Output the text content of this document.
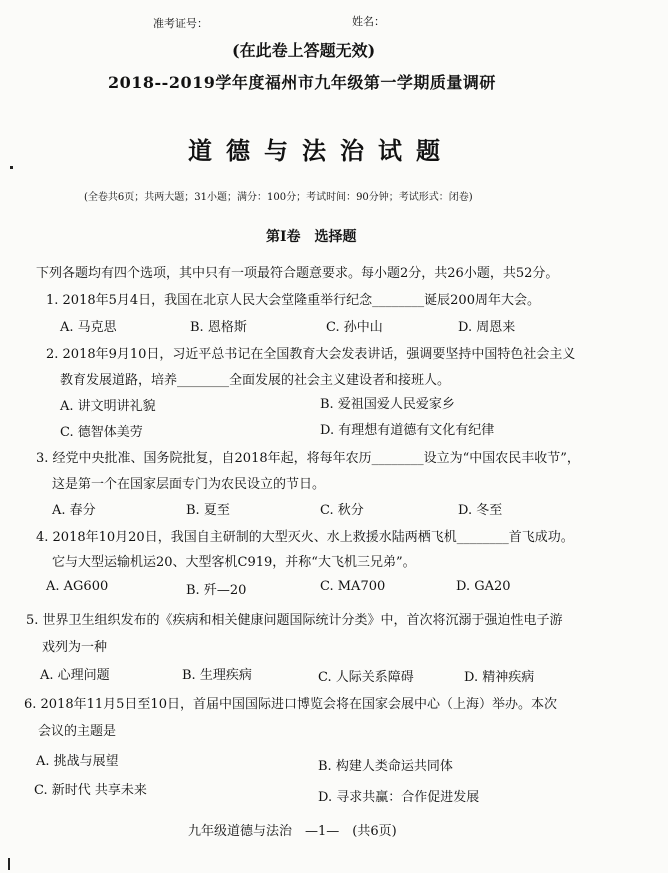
准考证号：	姓名：
(在此卷上答题无效)
2018--2019学年度福州市九年级第一学期质量调研
道德与法治试题
(全卷共6页；共两大题；31小题；满分：100分；考试时间：90分钟；考试形式：闭卷)
第Ⅰ卷　选择题
下列各题均有四个选项，其中只有一项最符合题意要求。每小题2分，共26小题，共52分。
1. 2018年5月4日，我国在北京人民大会堂隆重举行纪念________诞辰200周年大会。
A. 马克思	B. 恩格斯	C. 孙中山	D. 周恩来
2. 2018年9月10日，习近平总书记在全国教育大会发表讲话，强调要坚持中国特色社会主义
教育发展道路，培养________全面发展的社会主义建设者和接班人。
A. 讲文明讲礼貌	B. 爱祖国爱人民爱家乡
C. 德智体美劳	D. 有理想有道德有文化有纪律
3. 经党中央批准、国务院批复，自2018年起，将每年农历________设立为“中国农民丰收节”，
这是第一个在国家层面专门为农民设立的节日。
A. 春分	B. 夏至	C. 秋分	D. 冬至
4. 2018年10月20日，我国自主研制的大型灭火、水上救援水陆两栖飞机________首飞成功。
它与大型运输机运20、大型客机C919，并称“大飞机三兄弟”。
A. AG600	B. 歼—20	C. MA700	D. GA20
5. 世界卫生组织发布的《疾病和相关健康问题国际统计分类》中，首次将沉溺于强迫性电子游
戏列为一种
A. 心理问题	B. 生理疾病	C. 人际关系障碍	D. 精神疾病
6. 2018年11月5日至10日，首届中国国际进口博览会将在国家会展中心（上海）举办。本次
会议的主题是
A. 挑战与展望	B. 构建人类命运共同体
C. 新时代 共享未来	D. 寻求共赢：合作促进发展
九年级道德与法治　—1—　(共6页)
